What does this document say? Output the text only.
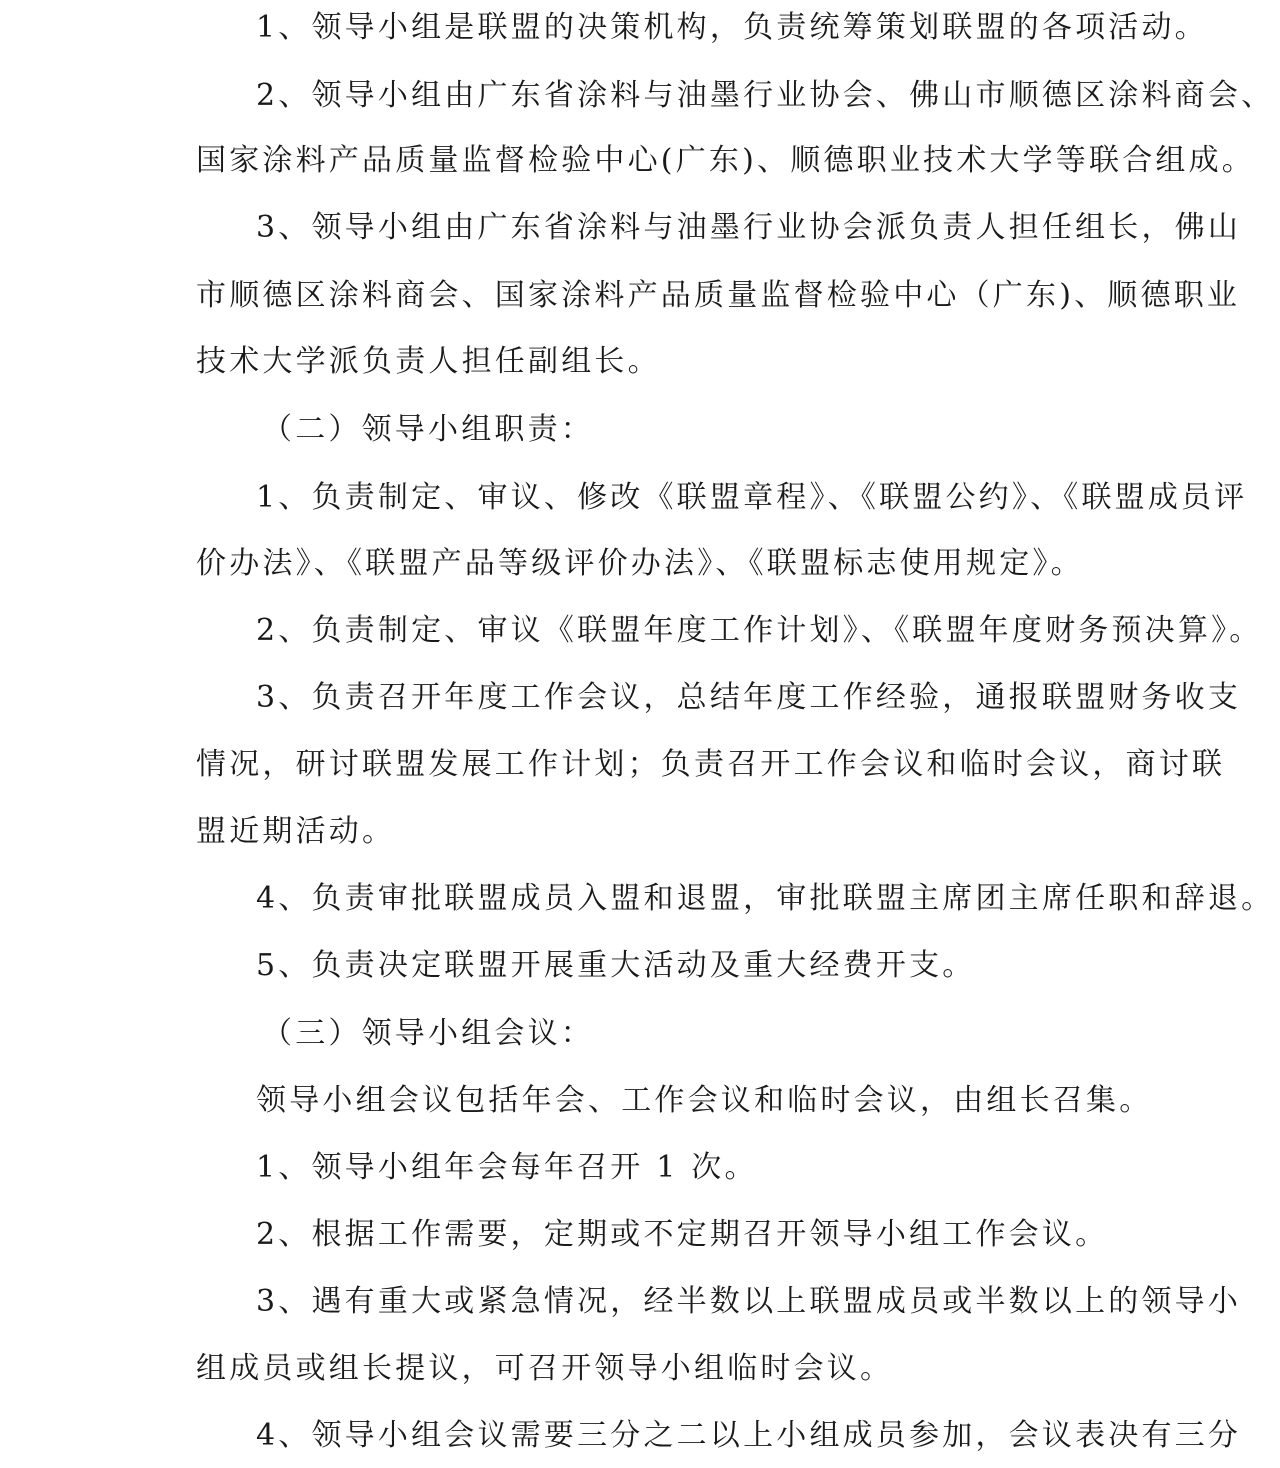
1、领导小组是联盟的决策机构，负责统筹策划联盟的各项活动。
2、领导小组由广东省涂料与油墨行业协会、佛山市顺德区涂料商会、
国家涂料产品质量监督检验中心(广东)、顺德职业技术大学等联合组成。
3、领导小组由广东省涂料与油墨行业协会派负责人担任组长，佛山
市顺德区涂料商会、国家涂料产品质量监督检验中心（广东)、顺德职业
技术大学派负责人担任副组长。
（二）领导小组职责：
1、负责制定、审议、修改《联盟章程》、《联盟公约》、《联盟成员评
价办法》、《联盟产品等级评价办法》、《联盟标志使用规定》。
2、负责制定、审议《联盟年度工作计划》、《联盟年度财务预决算》。
3、负责召开年度工作会议，总结年度工作经验，通报联盟财务收支
情况，研讨联盟发展工作计划；负责召开工作会议和临时会议，商讨联
盟近期活动。
4、负责审批联盟成员入盟和退盟，审批联盟主席团主席任职和辞退。
5、负责决定联盟开展重大活动及重大经费开支。
（三）领导小组会议：
领导小组会议包括年会、工作会议和临时会议，由组长召集。
1、领导小组年会每年召开 1 次。
2、根据工作需要，定期或不定期召开领导小组工作会议。
3、遇有重大或紧急情况，经半数以上联盟成员或半数以上的领导小
组成员或组长提议，可召开领导小组临时会议。
4、领导小组会议需要三分之二以上小组成员参加，会议表决有三分
